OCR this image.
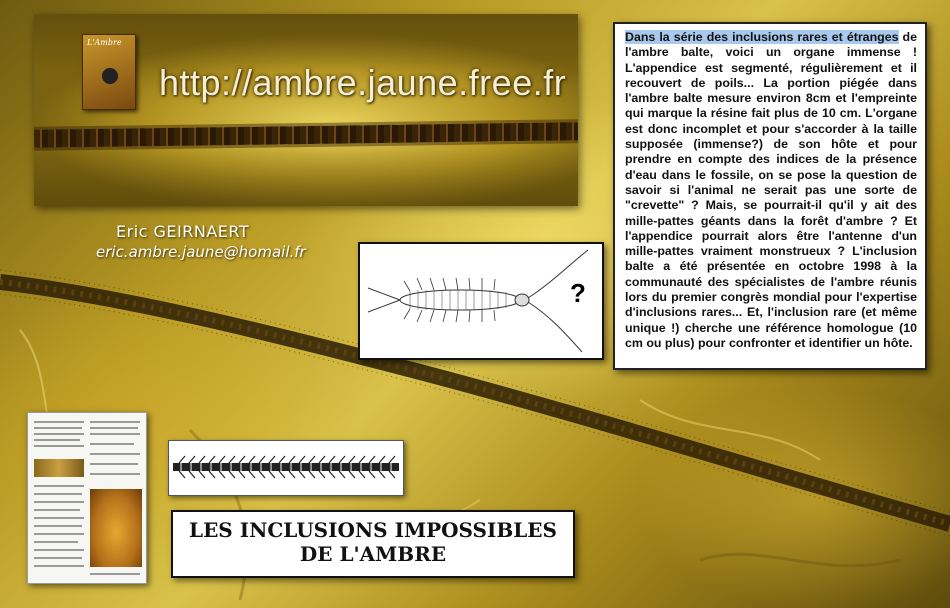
L'Ambre
http://ambre.jaune.free.fr
Eric GEIRNAERT
eric.ambre.jaune@homail.fr
?
Dans la série des inclusions rares et étranges de l'ambre balte, voici un organe immense ! L'appendice est segmenté, régulièrement et il recouvert de poils... La portion piégée dans l'ambre balte mesure environ 8cm et l'empreinte qui marque la résine fait plus de 10 cm. L'organe est donc incomplet et pour s'accorder à la taille supposée (immense?) de son hôte et pour prendre en compte des indices de la présence d'eau dans le fossile, on se pose la question de savoir si l'animal ne serait pas une sorte de "crevette" ? Mais, se pourrait-il qu'il y ait des mille-pattes géants dans la forêt d'ambre ? Et l'appendice pourrait alors être l'antenne d'un mille-pattes vraiment monstrueux ? L'inclusion balte a été présentée en octobre 1998 à la communauté des spécialistes de l'ambre réunis lors du premier congrès mondial pour l'expertise d'inclusions rares... Et, l'inclusion rare (et même unique !) cherche une référence homologue (10 cm ou plus) pour confronter et identifier un hôte.
LES INCLUSIONS IMPOSSIBLES
DE L'AMBRE
